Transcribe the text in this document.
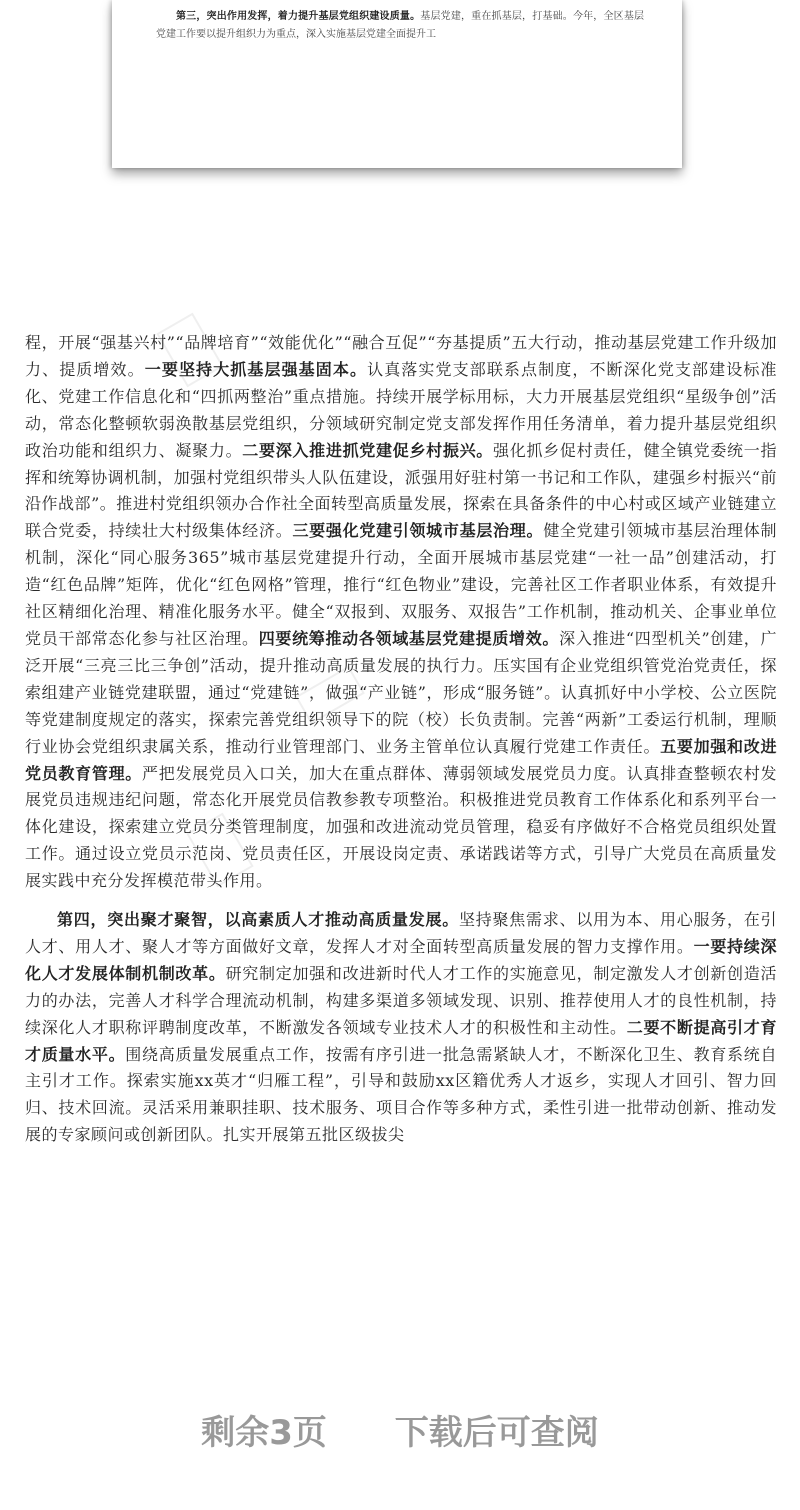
第三，突出作用发挥，着力提升基层党组织建设质量。基层党建，重在抓基层，打基础。今年，全区基层党建工作要以提升组织力为重点，深入实施基层党建全面提升工

程，开展“强基兴村”“品牌培育”“效能优化”“融合互促”“夯基提质”五大行动，推动基层党建工作升级加力、提质增效。一要坚持大抓基层强基固本。认真落实党支部联系点制度，不断深化党支部建设标准化、党建工作信息化和“四抓两整治”重点措施。持续开展学标用标，大力开展基层党组织“星级争创”活动，常态化整顿软弱涣散基层党组织，分领域研究制定党支部发挥作用任务清单，着力提升基层党组织政治功能和组织力、凝聚力。二要深入推进抓党建促乡村振兴。强化抓乡促村责任，健全镇党委统一指挥和统筹协调机制，加强村党组织带头人队伍建设，派强用好驻村第一书记和工作队，建强乡村振兴“前沿作战部”。推进村党组织领办合作社全面转型高质量发展，探索在具备条件的中心村或区域产业链建立联合党委，持续壮大村级集体经济。三要强化党建引领城市基层治理。健全党建引领城市基层治理体制机制，深化“同心服务365”城市基层党建提升行动，全面开展城市基层党建“一社一品”创建活动，打造“红色品牌”矩阵，优化“红色网格”管理，推行“红色物业”建设，完善社区工作者职业体系，有效提升社区精细化治理、精准化服务水平。健全“双报到、双服务、双报告”工作机制，推动机关、企事业单位党员干部常态化参与社区治理。四要统筹推动各领域基层党建提质增效。深入推进“四型机关”创建，广泛开展“三亮三比三争创”活动，提升推动高质量发展的执行力。压实国有企业党组织管党治党责任，探索组建产业链党建联盟，通过“党建链”，做强“产业链”，形成“服务链”。认真抓好中小学校、公立医院等党建制度规定的落实，探索完善党组织领导下的院（校）长负责制。完善“两新”工委运行机制，理顺行业协会党组织隶属关系，推动行业管理部门、业务主管单位认真履行党建工作责任。五要加强和改进党员教育管理。严把发展党员入口关，加大在重点群体、薄弱领域发展党员力度。认真排查整顿农村发展党员违规违纪问题，常态化开展党员信教参教专项整治。积极推进党员教育工作体系化和系列平台一体化建设，探索建立党员分类管理制度，加强和改进流动党员管理，稳妥有序做好不合格党员组织处置工作。通过设立党员示范岗、党员责任区，开展设岗定责、承诺践诺等方式，引导广大党员在高质量发展实践中充分发挥模范带头作用。

第四，突出聚才聚智，以高素质人才推动高质量发展。坚持聚焦需求、以用为本、用心服务，在引人才、用人才、聚人才等方面做好文章，发挥人才对全面转型高质量发展的智力支撑作用。一要持续深化人才发展体制机制改革。研究制定加强和改进新时代人才工作的实施意见，制定激发人才创新创造活力的办法，完善人才科学合理流动机制，构建多渠道多领域发现、识别、推荐使用人才的良性机制，持续深化人才职称评聘制度改革，不断激发各领域专业技术人才的积极性和主动性。二要不断提高引才育才质量水平。围绕高质量发展重点工作，按需有序引进一批急需紧缺人才，不断深化卫生、教育系统自主引才工作。探索实施xx英才“归雁工程”，引导和鼓励xx区籍优秀人才返乡，实现人才回引、智力回归、技术回流。灵活采用兼职挂职、技术服务、项目合作等多种方式，柔性引进一批带动创新、推动发展的专家顾问或创新团队。扎实开展第五批区级拔尖

剩余3页 下载后可查阅
